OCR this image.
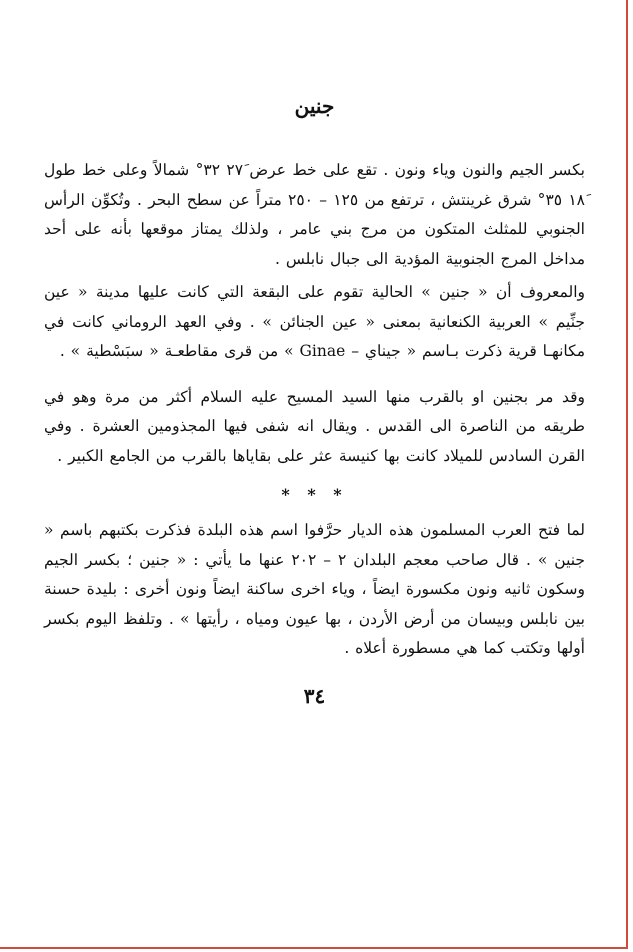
جنين

بكسر الجيم والنون وياء ونون . تقع على خط عرض ٢٧َ ٣٢° شمالاً وعلى خط طول ١٨َ ٣٥° شرق غرينتش ، ترتفع من ١٢٥ – ٢٥٠ متراً عن سطح البحر . وتُكوِّن الرأس الجنوبي للمثلث المتكون من مرج بني عامر ، ولذلك يمتاز موقعها بأنه على أحد مداخل المرج الجنوبية المؤدية الى جبال نابلس .

والمعروف أن « جنين » الحالية تقوم على البقعة التي كانت عليها مدينة « عين جنِّيم » العربية الكنعانية بمعنى « عين الجنائن » . وفي العهد الروماني كانت في مكانهـا قرية ذكرت بـاسم « جيناي – Ginae » من قرى مقاطعـة « سبَسْطية » .

وقد مر بجنين او بالقرب منها السيد المسيح عليه السلام أكثر من مرة وهو في طريقه من الناصرة الى القدس . ويقال انه شفى فيها المجذومين العشرة . وفي القرن السادس للميلاد كانت بها كنيسة عثر على بقاياها بالقرب من الجامع الكبير .

* * *

لما فتح العرب المسلمون هذه الديار حرَّفوا اسم هذه البلدة فذكرت بكتبهم باسم « جنين » . قال صاحب معجم البلدان ٢ – ٢٠٢ عنها ما يأتي : « جنين ؛ بكسر الجيم وسكون ثانيه ونون مكسورة ايضاً ، وياء اخرى ساكنة ايضاً ونون أخرى : بليدة حسنة بين نابلس وبيسان من أرض الأردن ، بها عيون ومياه ، رأيتها » . وتلفظ اليوم بكسر أولها وتكتب كما هي مسطورة أعلاه .

٣٤
